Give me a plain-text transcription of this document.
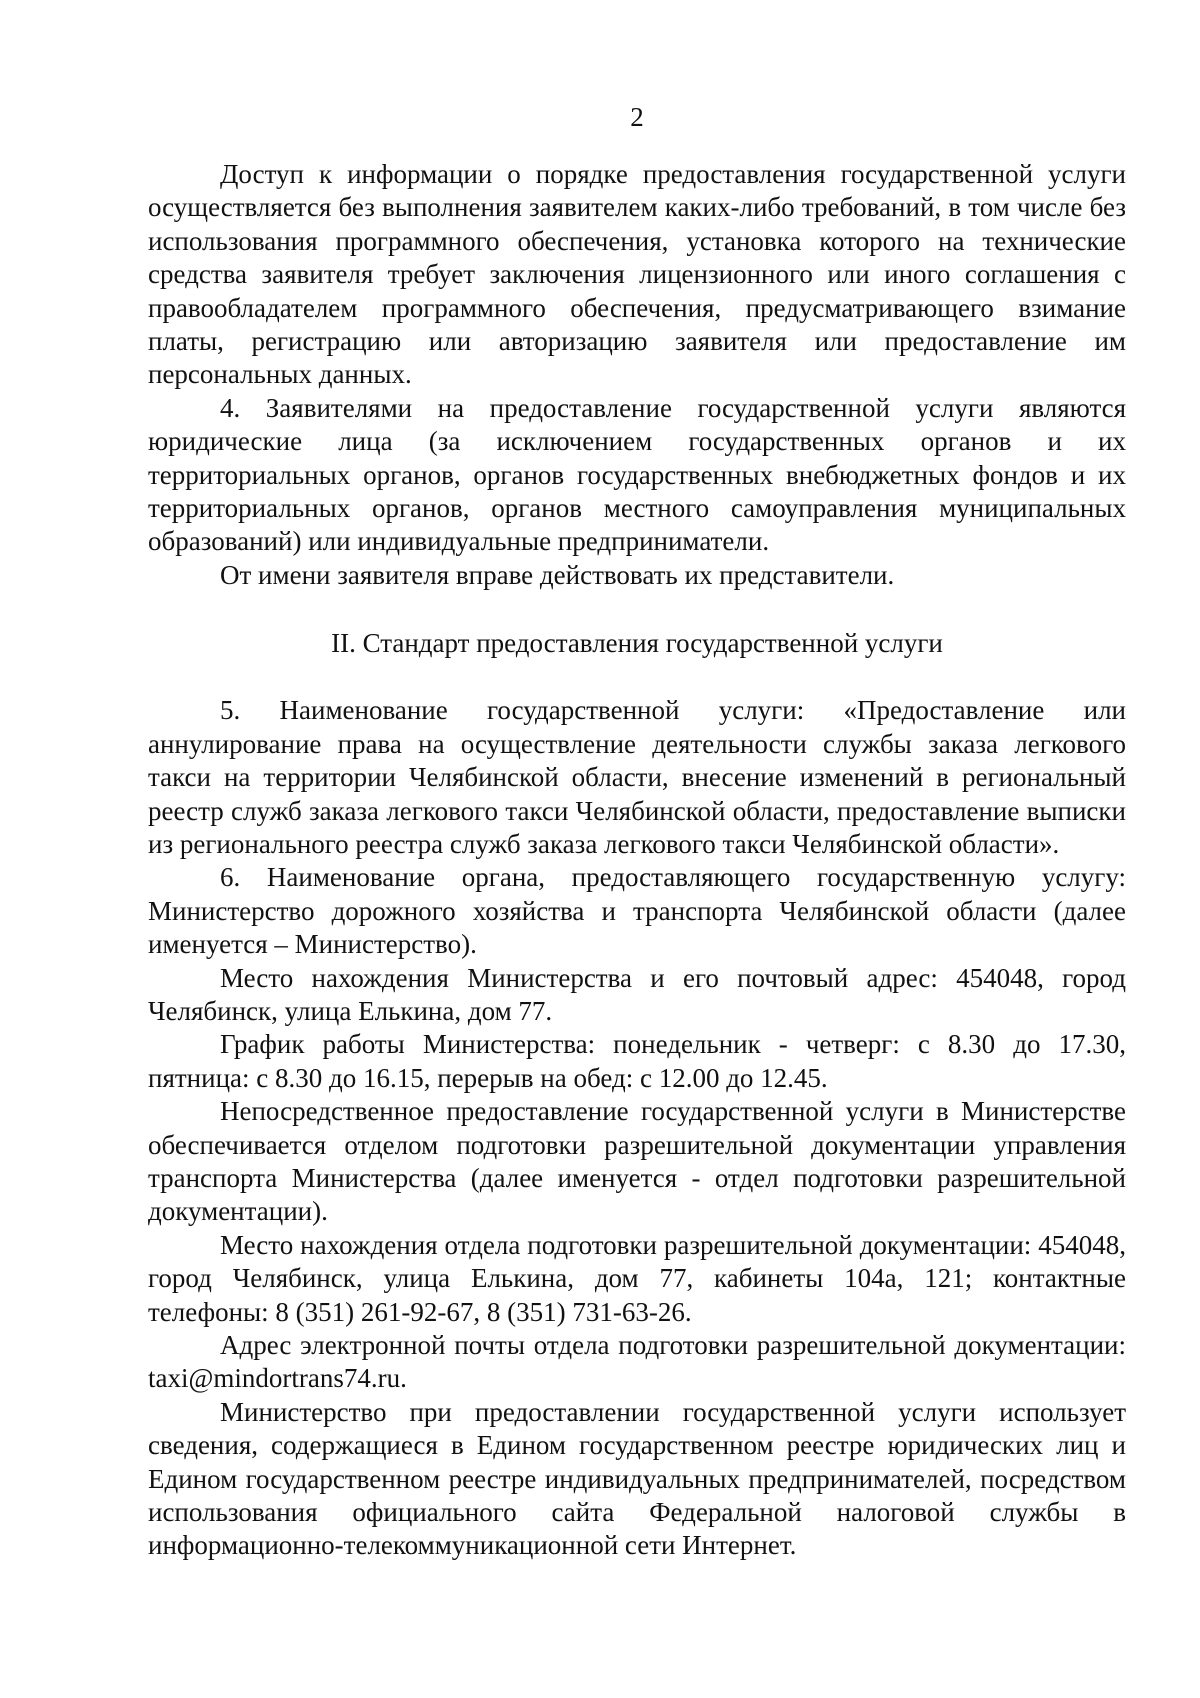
2

Доступ к информации о порядке предоставления государственной услуги осуществляется без выполнения заявителем каких-либо требований, в том числе без использования программного обеспечения, установка которого на технические средства заявителя требует заключения лицензионного или иного соглашения с правообладателем программного обеспечения, предусматривающего взимание платы, регистрацию или авторизацию заявителя или предоставление им персональных данных.

4. Заявителями на предоставление государственной услуги являются юридические лица (за исключением государственных органов и их территориальных органов, органов государственных внебюджетных фондов и их территориальных органов, органов местного самоуправления муниципальных образований) или индивидуальные предприниматели.

От имени заявителя вправе действовать их представители.

II. Стандарт предоставления государственной услуги

5. Наименование государственной услуги: «Предоставление или аннулирование права на осуществление деятельности службы заказа легкового такси на территории Челябинской области, внесение изменений в региональный реестр служб заказа легкового такси Челябинской области, предоставление выписки из регионального реестра служб заказа легкового такси Челябинской области».

6. Наименование органа, предоставляющего государственную услугу: Министерство дорожного хозяйства и транспорта Челябинской области (далее именуется – Министерство).

Место нахождения Министерства и его почтовый адрес: 454048, город Челябинск, улица Елькина, дом 77.

График работы Министерства: понедельник - четверг: с 8.30 до 17.30, пятница: с 8.30 до 16.15, перерыв на обед: с 12.00 до 12.45.

Непосредственное предоставление государственной услуги в Министерстве обеспечивается отделом подготовки разрешительной документации управления транспорта Министерства (далее именуется - отдел подготовки разрешительной документации).

Место нахождения отдела подготовки разрешительной документации: 454048, город Челябинск, улица Елькина, дом 77, кабинеты 104а, 121; контактные телефоны: 8 (351) 261-92-67, 8 (351) 731-63-26.

Адрес электронной почты отдела подготовки разрешительной документации: taxi@mindortrans74.ru.

Министерство при предоставлении государственной услуги использует сведения, содержащиеся в Едином государственном реестре юридических лиц и Едином государственном реестре индивидуальных предпринимателей, посредством использования официального сайта Федеральной налоговой службы в информационно-телекоммуникационной сети Интернет.
